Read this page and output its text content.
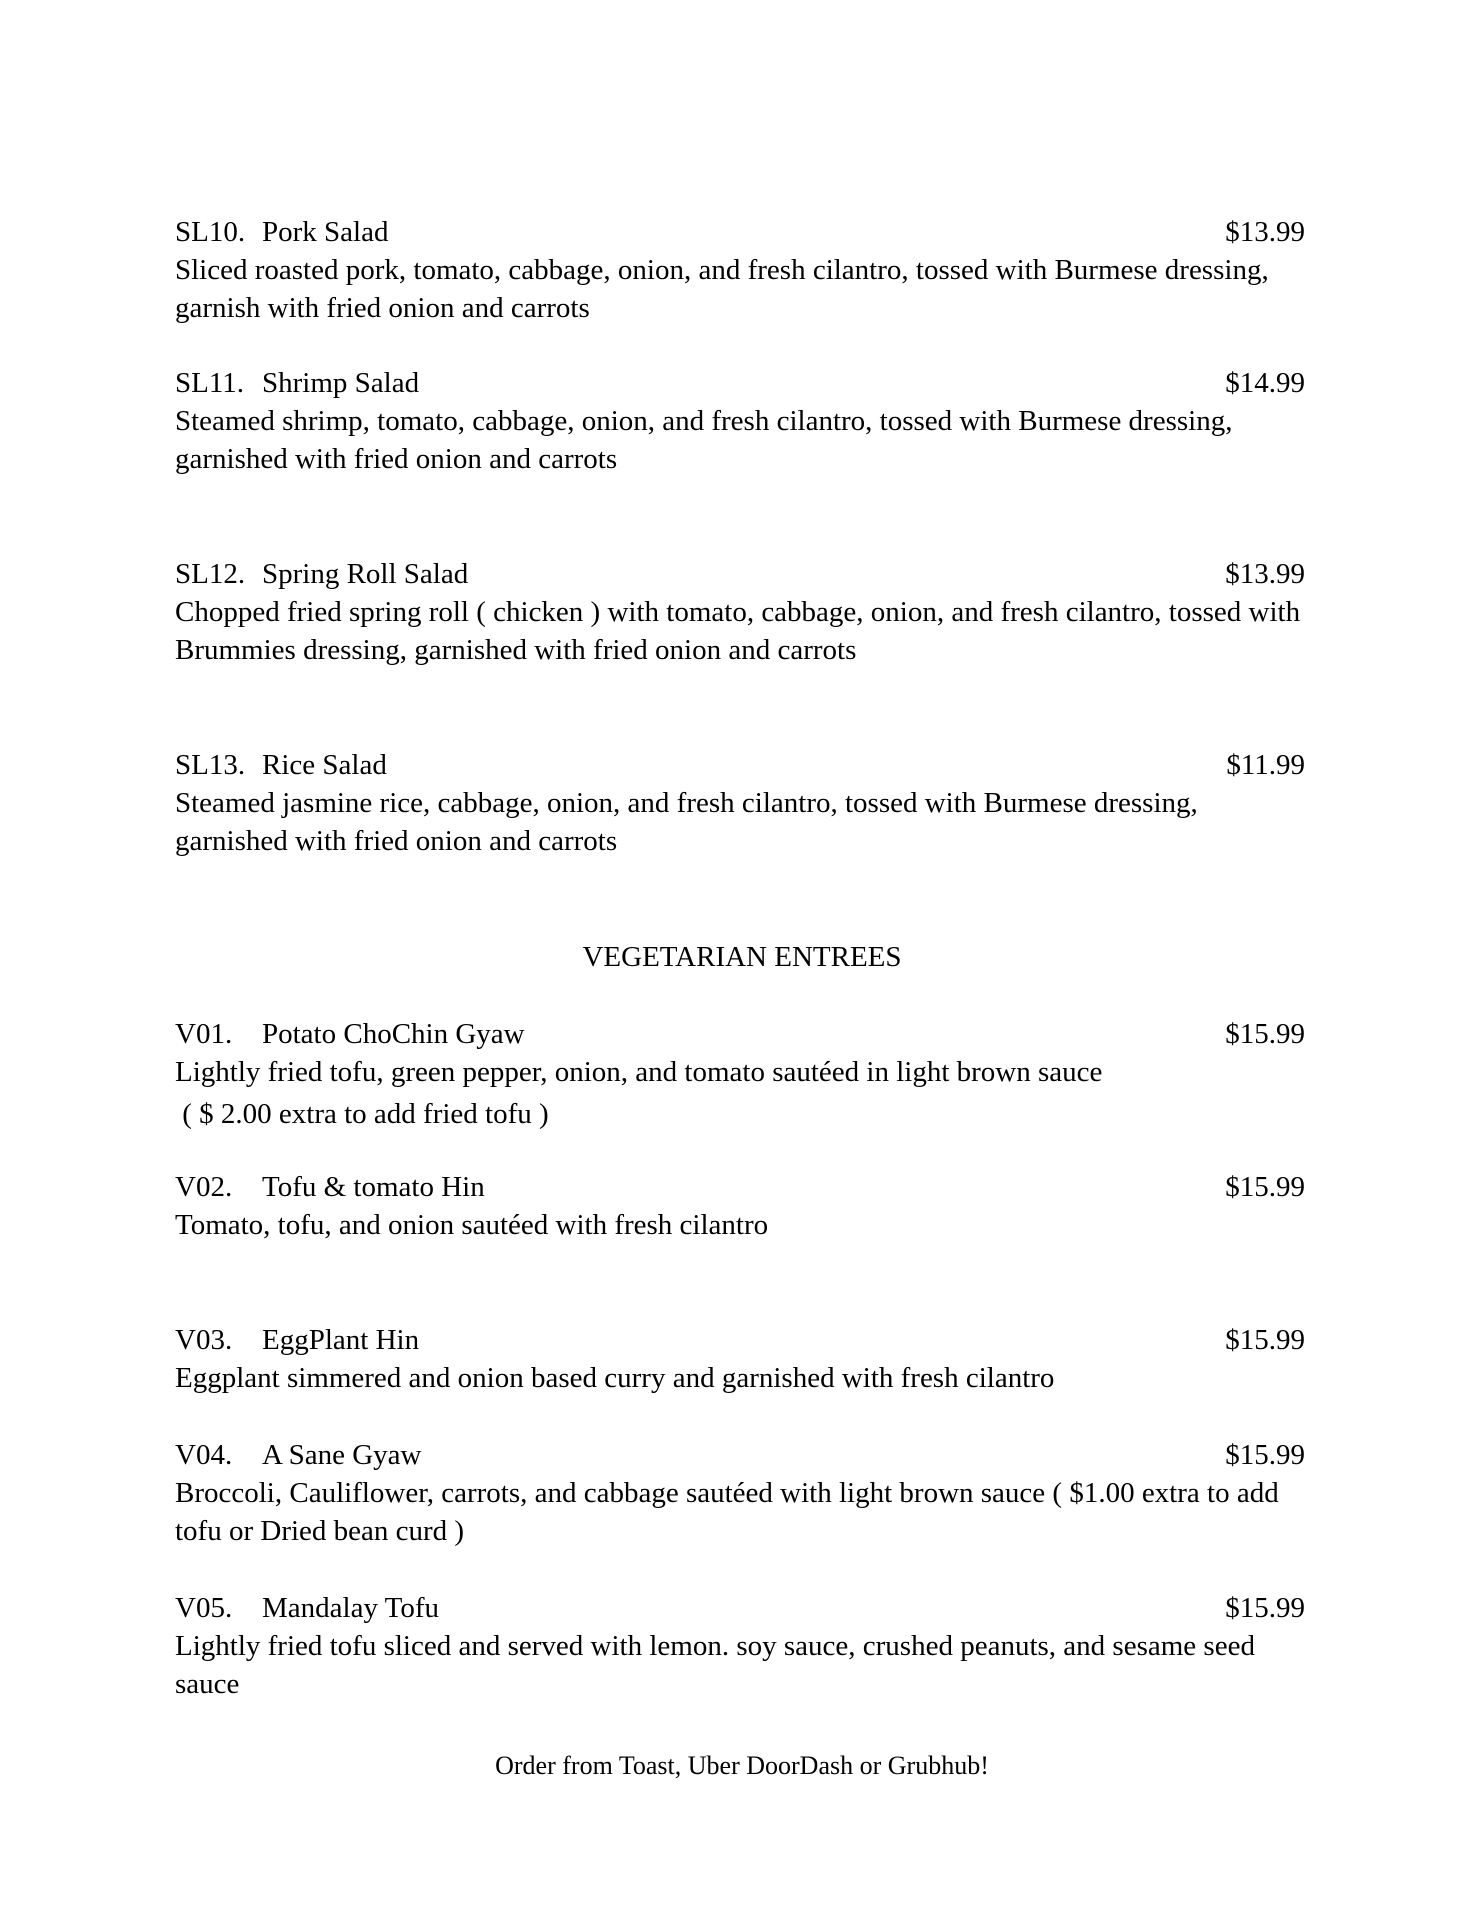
SL10. Pork Salad	$13.99
Sliced roasted pork, tomato, cabbage, onion, and fresh cilantro, tossed with Burmese dressing, garnish with fried onion and carrots
SL11. Shrimp Salad	$14.99
Steamed shrimp, tomato, cabbage, onion, and fresh cilantro, tossed with Burmese dressing, garnished with fried onion and carrots
SL12. Spring Roll Salad	$13.99
Chopped fried spring roll ( chicken ) with tomato, cabbage, onion, and fresh cilantro, tossed with Brummies dressing, garnished with fried onion and carrots
SL13. Rice Salad	$11.99
Steamed jasmine rice, cabbage, onion, and fresh cilantro, tossed with Burmese dressing, garnished with fried onion and carrots
VEGETARIAN ENTREES
V01. Potato ChoChin Gyaw	$15.99
Lightly fried tofu, green pepper, onion, and tomato sautéed in light brown sauce
( $ 2.00 extra to add fried tofu )
V02. Tofu & tomato Hin	$15.99
Tomato, tofu, and onion sautéed with fresh cilantro
V03. EggPlant Hin	$15.99
Eggplant simmered and onion based curry and garnished with fresh cilantro
V04. A Sane Gyaw	$15.99
Broccoli, Cauliflower, carrots, and cabbage sautéed with light brown sauce ( $1.00 extra to add tofu or Dried bean curd )
V05. Mandalay Tofu	$15.99
Lightly fried tofu sliced and served with lemon. soy sauce, crushed peanuts, and sesame seed sauce
Order from Toast, Uber DoorDash or Grubhub!
